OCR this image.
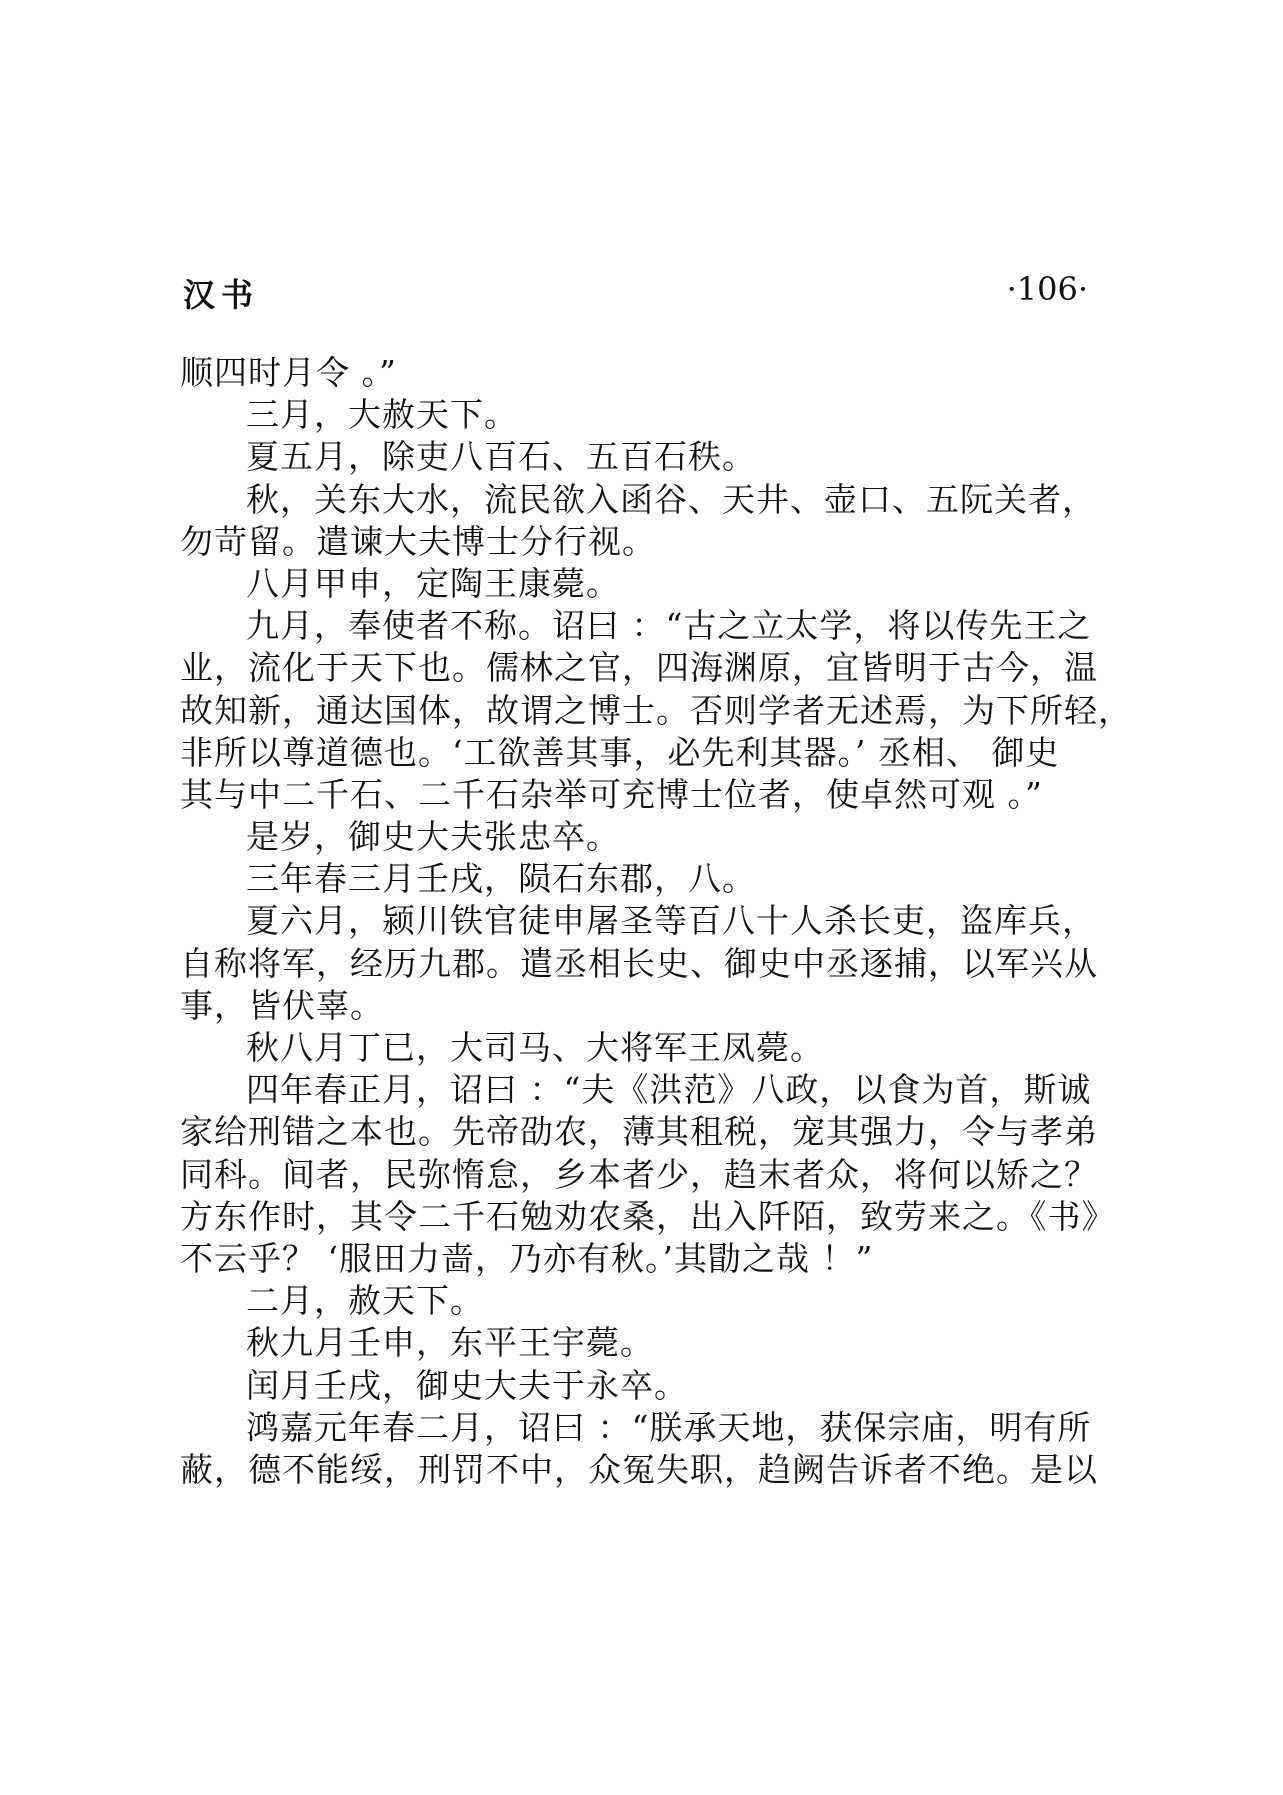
汉书	·106·
顺四时月令 。”
三月，大赦天下。
夏五月，除吏八百石、五百石秩。
秋，关东大水，流民欲入函谷、天井、壶口、五阮关者，
勿苛留。遣谏大夫博士分行视。
八月甲申，定陶王康薨。
九月，奉使者不称。诏曰 ：“古之立太学，将以传先王之
业，流化于天下也。儒林之官，四海渊原，宜皆明于古今，温
故知新，通达国体，故谓之博士。否则学者无述焉，为下所轻，
非所以尊道德也。‘工欲善其事，必先利其器。’ 丞相、 御史
其与中二千石、二千石杂举可充博士位者，使卓然可观 。”
是岁，御史大夫张忠卒。
三年春三月壬戌，陨石东郡，八。
夏六月，颍川铁官徒申屠圣等百八十人杀长吏，盗库兵，
自称将军，经历九郡。遣丞相长史、御史中丞逐捕，以军兴从
事，皆伏辜。
秋八月丁已，大司马、大将军王凤薨。
四年春正月，诏曰 ：“夫《洪范》八政，以食为首，斯诚
家给刑错之本也。先帝劭农，薄其租税，宠其强力，令与孝弟
同科。间者，民弥惰怠，乡本者少，趋末者众，将何以矫之？
方东作时，其令二千石勉劝农桑，出入阡陌，致劳来之。《书》
不云乎？ ‘服田力啬，乃亦有秋。’其勖之哉 ！”
二月，赦天下。
秋九月壬申，东平王宇薨。
闰月壬戌，御史大夫于永卒。
鸿嘉元年春二月，诏曰 ：“朕承天地，获保宗庙，明有所
蔽，德不能绥，刑罚不中，众冤失职，趋阙告诉者不绝。是以
